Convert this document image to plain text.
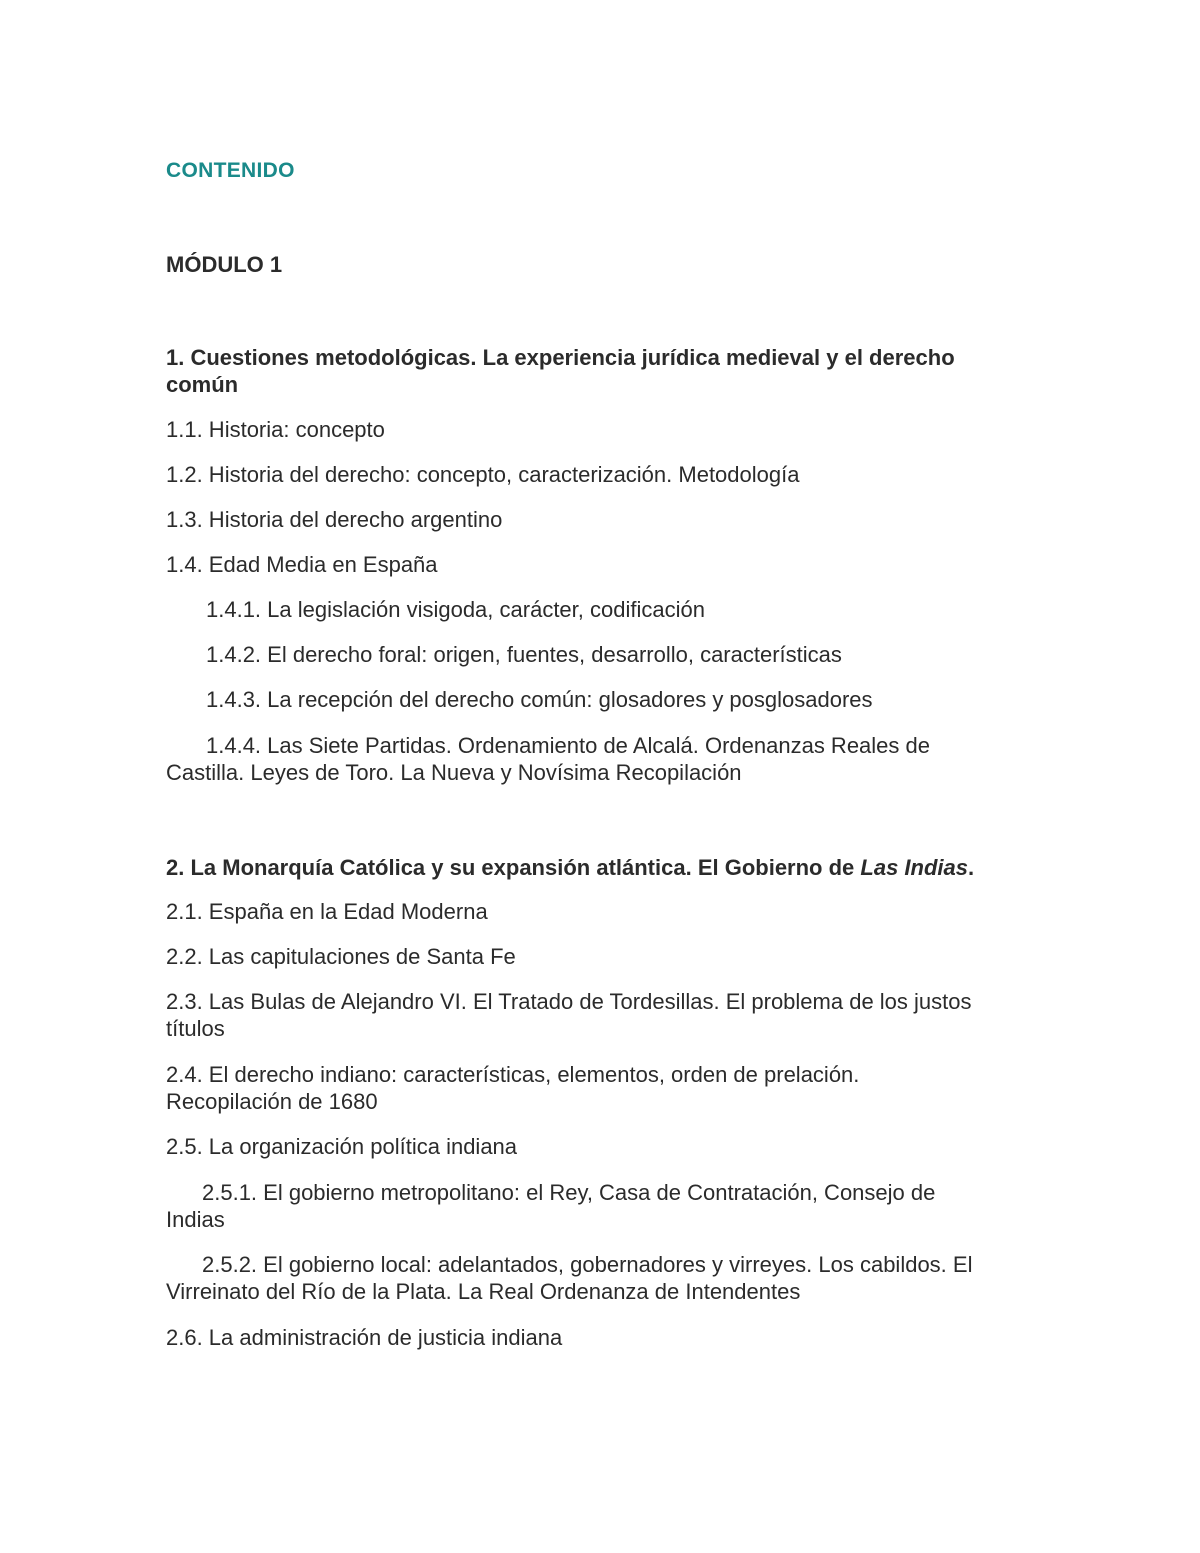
CONTENIDO

MÓDULO 1

1. Cuestiones metodológicas. La experiencia jurídica medieval y el derecho común

1.1. Historia: concepto

1.2. Historia del derecho: concepto, caracterización. Metodología

1.3. Historia del derecho argentino

1.4. Edad Media en España

1.4.1. La legislación visigoda, carácter, codificación

1.4.2. El derecho foral: origen, fuentes, desarrollo, características

1.4.3. La recepción del derecho común: glosadores y posglosadores

1.4.4. Las Siete Partidas. Ordenamiento de Alcalá. Ordenanzas Reales de Castilla. Leyes de Toro. La Nueva y Novísima Recopilación

2. La Monarquía Católica y su expansión atlántica. El Gobierno de Las Indias.

2.1. España en la Edad Moderna

2.2. Las capitulaciones de Santa Fe

2.3. Las Bulas de Alejandro VI. El Tratado de Tordesillas. El problema de los justos títulos

2.4. El derecho indiano: características, elementos, orden de prelación. Recopilación de 1680

2.5. La organización política indiana

2.5.1. El gobierno metropolitano: el Rey, Casa de Contratación, Consejo de Indias

2.5.2. El gobierno local: adelantados, gobernadores y virreyes. Los cabildos. El Virreinato del Río de la Plata. La Real Ordenanza de Intendentes

2.6. La administración de justicia indiana
